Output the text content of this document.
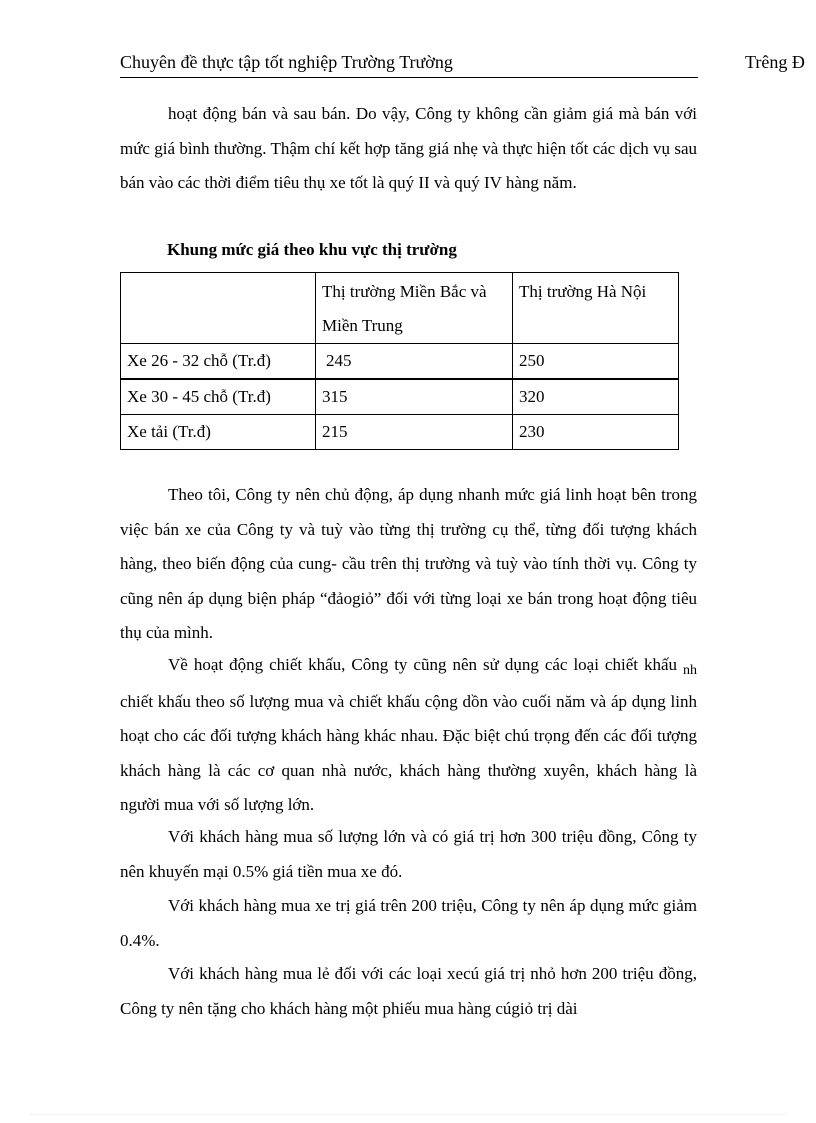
Chuyên đề thực tập tốt nghiệp Trường Trường	Trêng Đ
hoạt động bán và sau bán. Do vậy, Công ty không cần giảm giá mà bán với mức giá bình thường. Thậm chí kết hợp tăng giá nhẹ và thực hiện tốt các dịch vụ sau bán vào các thời điểm tiêu thụ xe tốt là quý II và quý IV hàng năm.
Khung mức giá theo khu vực thị trường
	Thị trường Miền Bắc và Miền Trung	Thị trường Hà Nội
Xe 26 - 32 chỗ (Tr.đ)	245	250
Xe 30 - 45 chỗ (Tr.đ)	315	320
Xe tải (Tr.đ)	215	230
Theo tôi, Công ty nên chủ động, áp dụng nhanh mức giá linh hoạt bên trong việc bán xe của Công ty và tuỳ vào từng thị trường cụ thể, từng đối tượng khách hàng, theo biến động của cung- cầu trên thị trường và tuỳ vào tính thời vụ. Công ty cũng nên áp dụng biện pháp “đảogiỏ” đối với từng loại xe bán trong hoạt động tiêu thụ của mình.
Về hoạt động chiết khấu, Công ty cũng nên sử dụng các loại chiết khấu $_{nh}$ chiết khấu theo số lượng mua và chiết khấu cộng dồn vào cuối năm và áp dụng linh hoạt cho các đối tượng khách hàng khác nhau. Đặc biệt chú trọng đến các đối tượng khách hàng là các cơ quan nhà nước, khách hàng thường xuyên, khách hàng là người mua với số lượng lớn.
Với khách hàng mua số lượng lớn và có giá trị hơn 300 triệu đồng, Công ty nên khuyến mại 0.5% giá tiền mua xe đó.
Với khách hàng mua xe trị giá trên 200 triệu, Công ty nên áp dụng mức giảm 0.4%.
Với khách hàng mua lẻ đối với các loại xecú giá trị nhỏ hơn 200 triệu đồng, Công ty nên tặng cho khách hàng một phiếu mua hàng cúgiỏ trị dài
